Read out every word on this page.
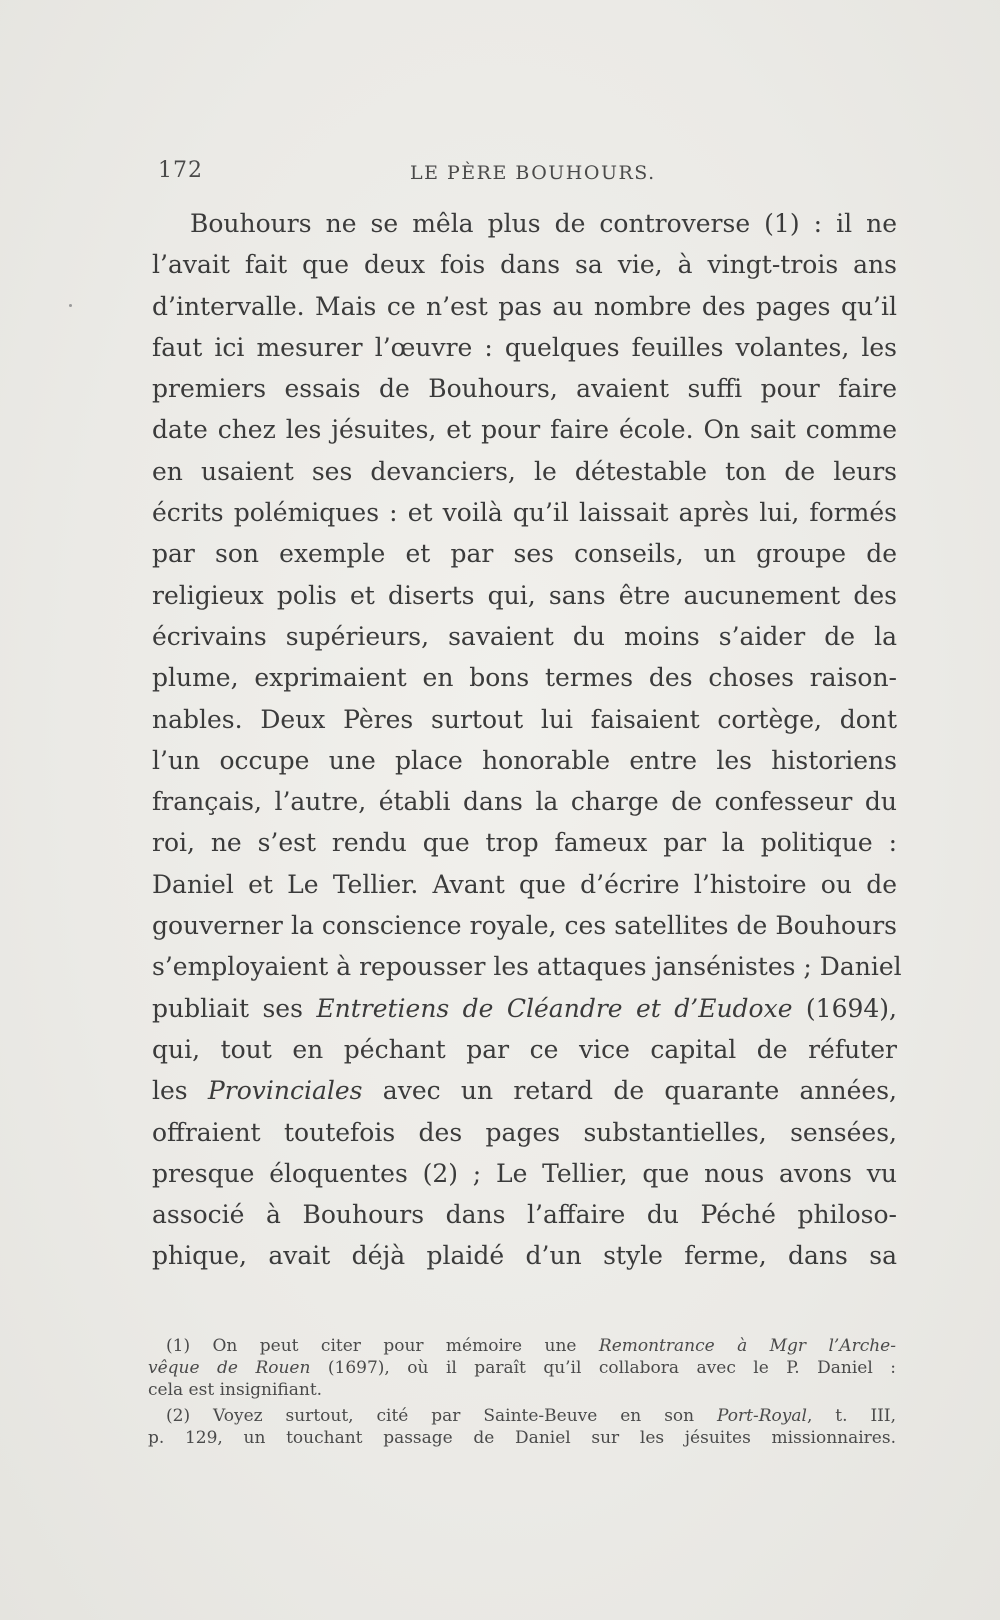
172	LE PÈRE BOUHOURS.
Bouhours ne se mêla plus de controverse (1) : il ne
l’avait fait que deux fois dans sa vie, à vingt-trois ans
d’intervalle. Mais ce n’est pas au nombre des pages qu’il
faut ici mesurer l’œuvre : quelques feuilles volantes, les
premiers essais de Bouhours, avaient suffi pour faire
date chez les jésuites, et pour faire école. On sait comme
en usaient ses devanciers, le détestable ton de leurs
écrits polémiques : et voilà qu’il laissait après lui, formés
par son exemple et par ses conseils, un groupe de
religieux polis et diserts qui, sans être aucunement des
écrivains supérieurs, savaient du moins s’aider de la
plume, exprimaient en bons termes des choses raison-
nables. Deux Pères surtout lui faisaient cortège, dont
l’un occupe une place honorable entre les historiens
français, l’autre, établi dans la charge de confesseur du
roi, ne s’est rendu que trop fameux par la politique :
Daniel et Le Tellier. Avant que d’écrire l’histoire ou de
gouverner la conscience royale, ces satellites de Bouhours
s’employaient à repousser les attaques jansénistes ; Daniel
publiait ses Entretiens de Cléandre et d’Eudoxe (1694),
qui, tout en péchant par ce vice capital de réfuter
les Provinciales avec un retard de quarante années,
offraient toutefois des pages substantielles, sensées,
presque éloquentes (2) ; Le Tellier, que nous avons vu
associé à Bouhours dans l’affaire du Péché philoso-
phique, avait déjà plaidé d’un style ferme, dans sa
(1) On peut citer pour mémoire une Remontrance à Mgr l’Arche-
vêque de Rouen (1697), où il paraît qu’il collabora avec le P. Daniel :
cela est insignifiant.
(2) Voyez surtout, cité par Sainte-Beuve en son Port-Royal, t. III,
p. 129, un touchant passage de Daniel sur les jésuites missionnaires.
